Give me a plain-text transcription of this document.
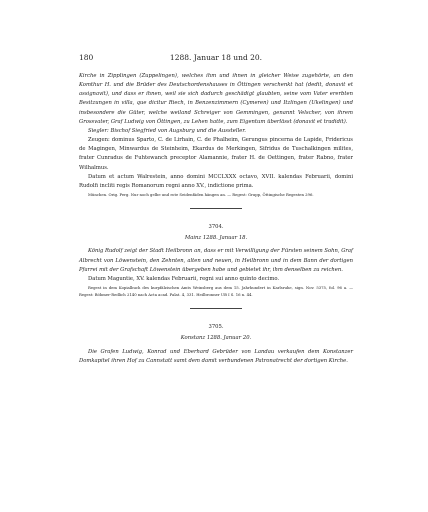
180	1288. Januar 18 und 20.

Kirche in Zipplingen (Zuppelingen), welches ihm und ihnen in gleicher Weise zugehörte, an den Komthur H. und die Brüder des Deutschordenshauses in Öttingen verschenkt hat (dedit, donavit et assignavit), und dass er ihnen, weil sie sich dadurch geschädigt glaubten, seine vom Vater ererbten Besitzungen in villa, que dicitur Riech, in Benzenzimmern (Cymeren) und Itzlingen (Ukelingen) und insbesondere die Güter, welche weiland Schreiger von Gemmingen, genannt Velscher, von ihrem Grossvater, Graf Ludwig von Öttingen, zu Lehen hatte, zum Eigentum überlässt (donavit et tradidit).

Siegler: Bischof Siegfried von Augsburg und die Aussteller.

Zeugen: dominus Sparto, C. de Lirhain, C. de Phalheim, Gerungus pincerna de Lapide, Fridericus de Magingen, Minwardus de Steinheim, Ekardus de Merkingen, Sifridus de Tuschalkingen milites, frater Cunradus de Fuhtewanch preceptor Alamannie, frater H. de Oettingen, frater Rabno, frater Wilhalmus.

Datum et actum Walrestein, anno domini MCCLXXX octavo, XVII. kalendas Februarii, domini Rudolfi incliti regis Romanorum regni anno XV., indictione prima.

München. Orig. Perg. Nur noch gelbe und rote Seidenfäden hängen an. — Regest: Grupp, Öttingische Regesten 296.

3704.

Mainz 1288. Januar 18.

König Rudolf zeigt der Stadt Heilbronn an, dass er mit Verwilligung der Fürsten seinem Sohn, Graf Albrecht von Löwenstein, den Zehnten, alten und neuen, in Heilbronn und in dem Bann der dortigen Pfarrei mit der Grafschaft Löwenstein übergeben habe und gebietet ihr, ihm denselben zu reichen.

Datum Maguntie, XV. kalendas Februarii, regni sui anno quinto decimo.

Regest in dem Kopialbuch des kurpfälzischen Amts Weinsberg aus dem 15. Jahrhundert in Karlsruhe, sign. Nov. 5375, fol. 96 a. — Regest: Böhmer-Redlich 2140 nach Acta acad. Palat. 4, 331. Heilbronner UB I S. 16 n. 44.

3705.

Konstanz 1288. Januar 20.

Die Grafen Ludwig, Konrad und Eberhard Gebrüder von Landau verkaufen dem Konstanzer Domkapitel ihren Hof zu Cannstatt samt dem damit verbundenen Patronatrecht der dortigen Kirche.
